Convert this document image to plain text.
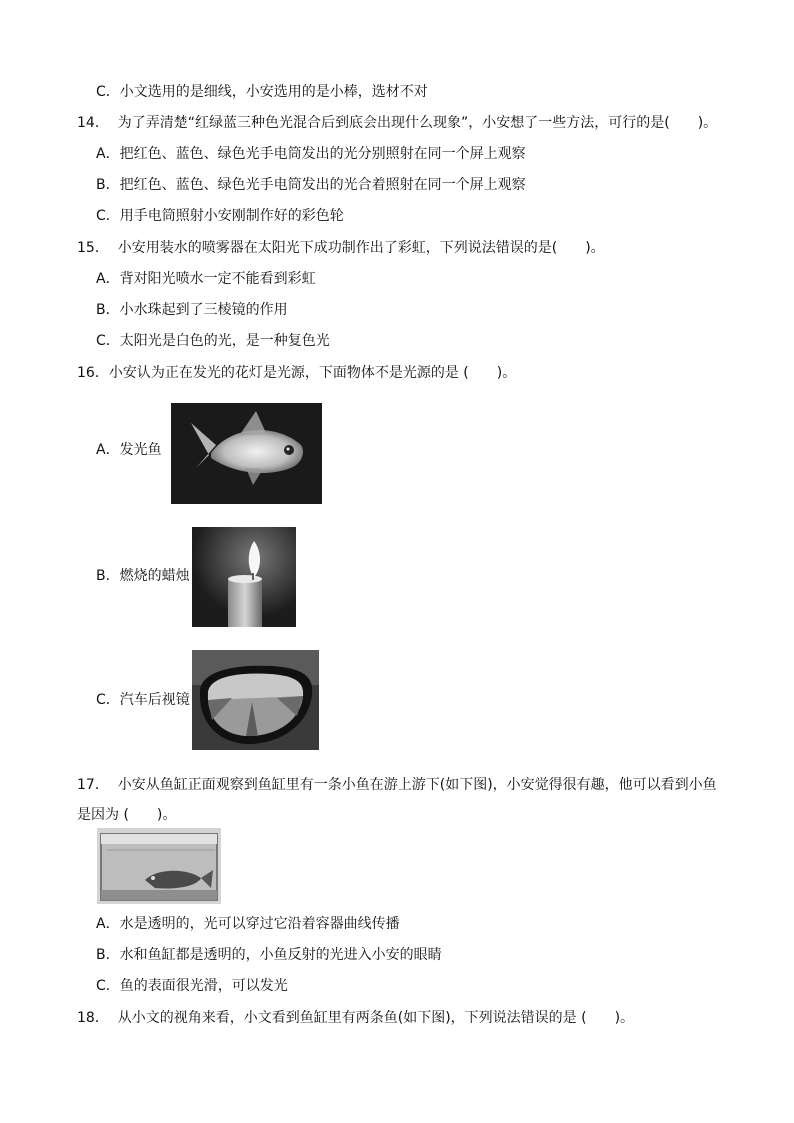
C．小文选用的是细线，小安选用的是小棒，选材不对
14． 为了弄清楚“红绿蓝三种色光混合后到底会出现什么现象”，小安想了一些方法，可行的是(　　)。
A．把红色、蓝色、绿色光手电筒发出的光分别照射在同一个屏上观察
B．把红色、蓝色、绿色光手电筒发出的光合着照射在同一个屏上观察
C．用手电筒照射小安刚制作好的彩色轮
15． 小安用装水的喷雾器在太阳光下成功制作出了彩虹，下列说法错误的是(　　)。
A．背对阳光喷水一定不能看到彩虹
B．小水珠起到了三棱镜的作用
C．太阳光是白色的光，是一种复色光
16．小安认为正在发光的花灯是光源，下面物体不是光源的是 (　　)。
A．发光鱼
B．燃烧的蜡烛
C．汽车后视镜
17． 小安从鱼缸正面观察到鱼缸里有一条小鱼在游上游下(如下图)，小安觉得很有趣，他可以看到小鱼
是因为 (　　)。
A．水是透明的，光可以穿过它沿着容器曲线传播
B．水和鱼缸都是透明的，小鱼反射的光进入小安的眼睛
C．鱼的表面很光滑，可以发光
18． 从小文的视角来看，小文看到鱼缸里有两条鱼(如下图)，下列说法错误的是 (　　)。
